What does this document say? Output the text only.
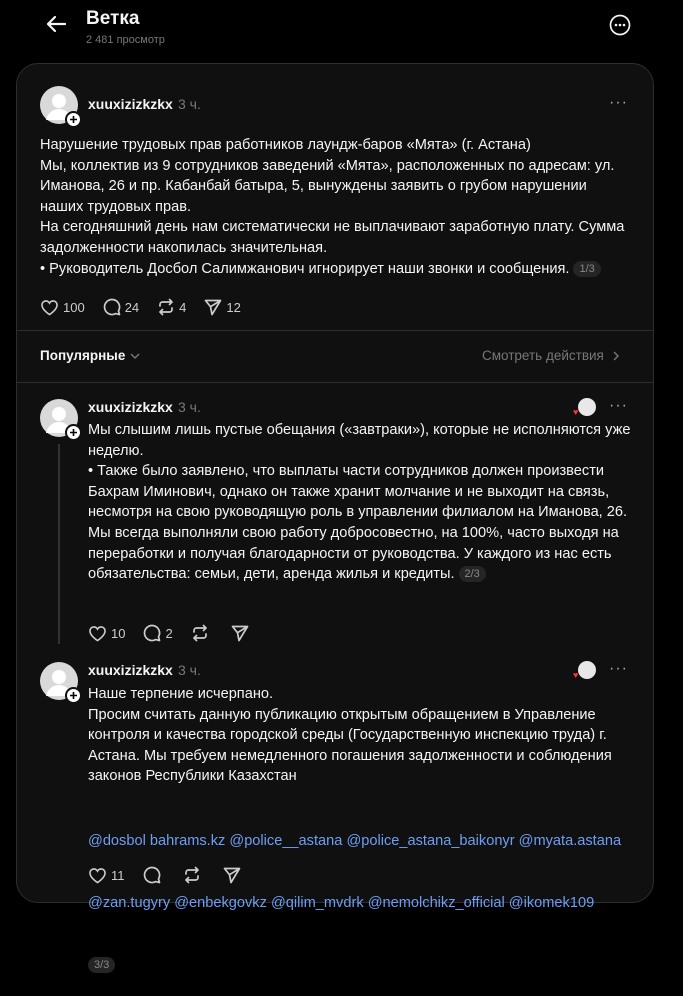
Ветка
2 481 просмотр
xuuxizizkzkx 3 ч.	···
Нарушение трудовых прав работников лаундж-баров «Мята» (г. Астана)
Мы, коллектив из 9 сотрудников заведений «Мята», расположенных по адресам: ул. Иманова, 26 и пр. Кабанбай батыра, 5, вынуждены заявить о грубом нарушении наших трудовых прав.
На сегодняшний день нам систематически не выплачивают заработную плату. Сумма задолженности накопилась значительная.
• Руководитель Досбол Салимжанович игнорирует наши звонки и сообщения. 1/3
100	24	4	12
Популярные	Смотреть действия
xuuxizizkzkx 3 ч.	♥ ···
Мы слышим лишь пустые обещания («завтраки»), которые не исполняются уже неделю.
• Также было заявлено, что выплаты части сотрудников должен произвести Бахрам Иминович, однако он также хранит молчание и не выходит на связь, несмотря на свою руководящую роль в управлении филиалом на Иманова, 26.
Мы всегда выполняли свою работу добросовестно, на 100%, часто выходя на переработки и получая благодарности от руководства. У каждого из нас есть обязательства: семьи, дети, аренда жилья и кредиты. 2/3
10	2
xuuxizizkzkx 3 ч.	♥ ···
Наше терпение исчерпано.
Просим считать данную публикацию открытым обращением в Управление контроля и качества городской среды (Государственную инспекцию труда) г. Астана. Мы требуем немедленного погашения задолженности и соблюдения законов Республики Казахстан

@dosbol bahrams.kz @police__astana @police_astana_baikonyr @myata.astana

@zan.tugyry @enbekgovkz @qilim_mvdrk @nemolchikz_official @ikomek109

3/3

11
